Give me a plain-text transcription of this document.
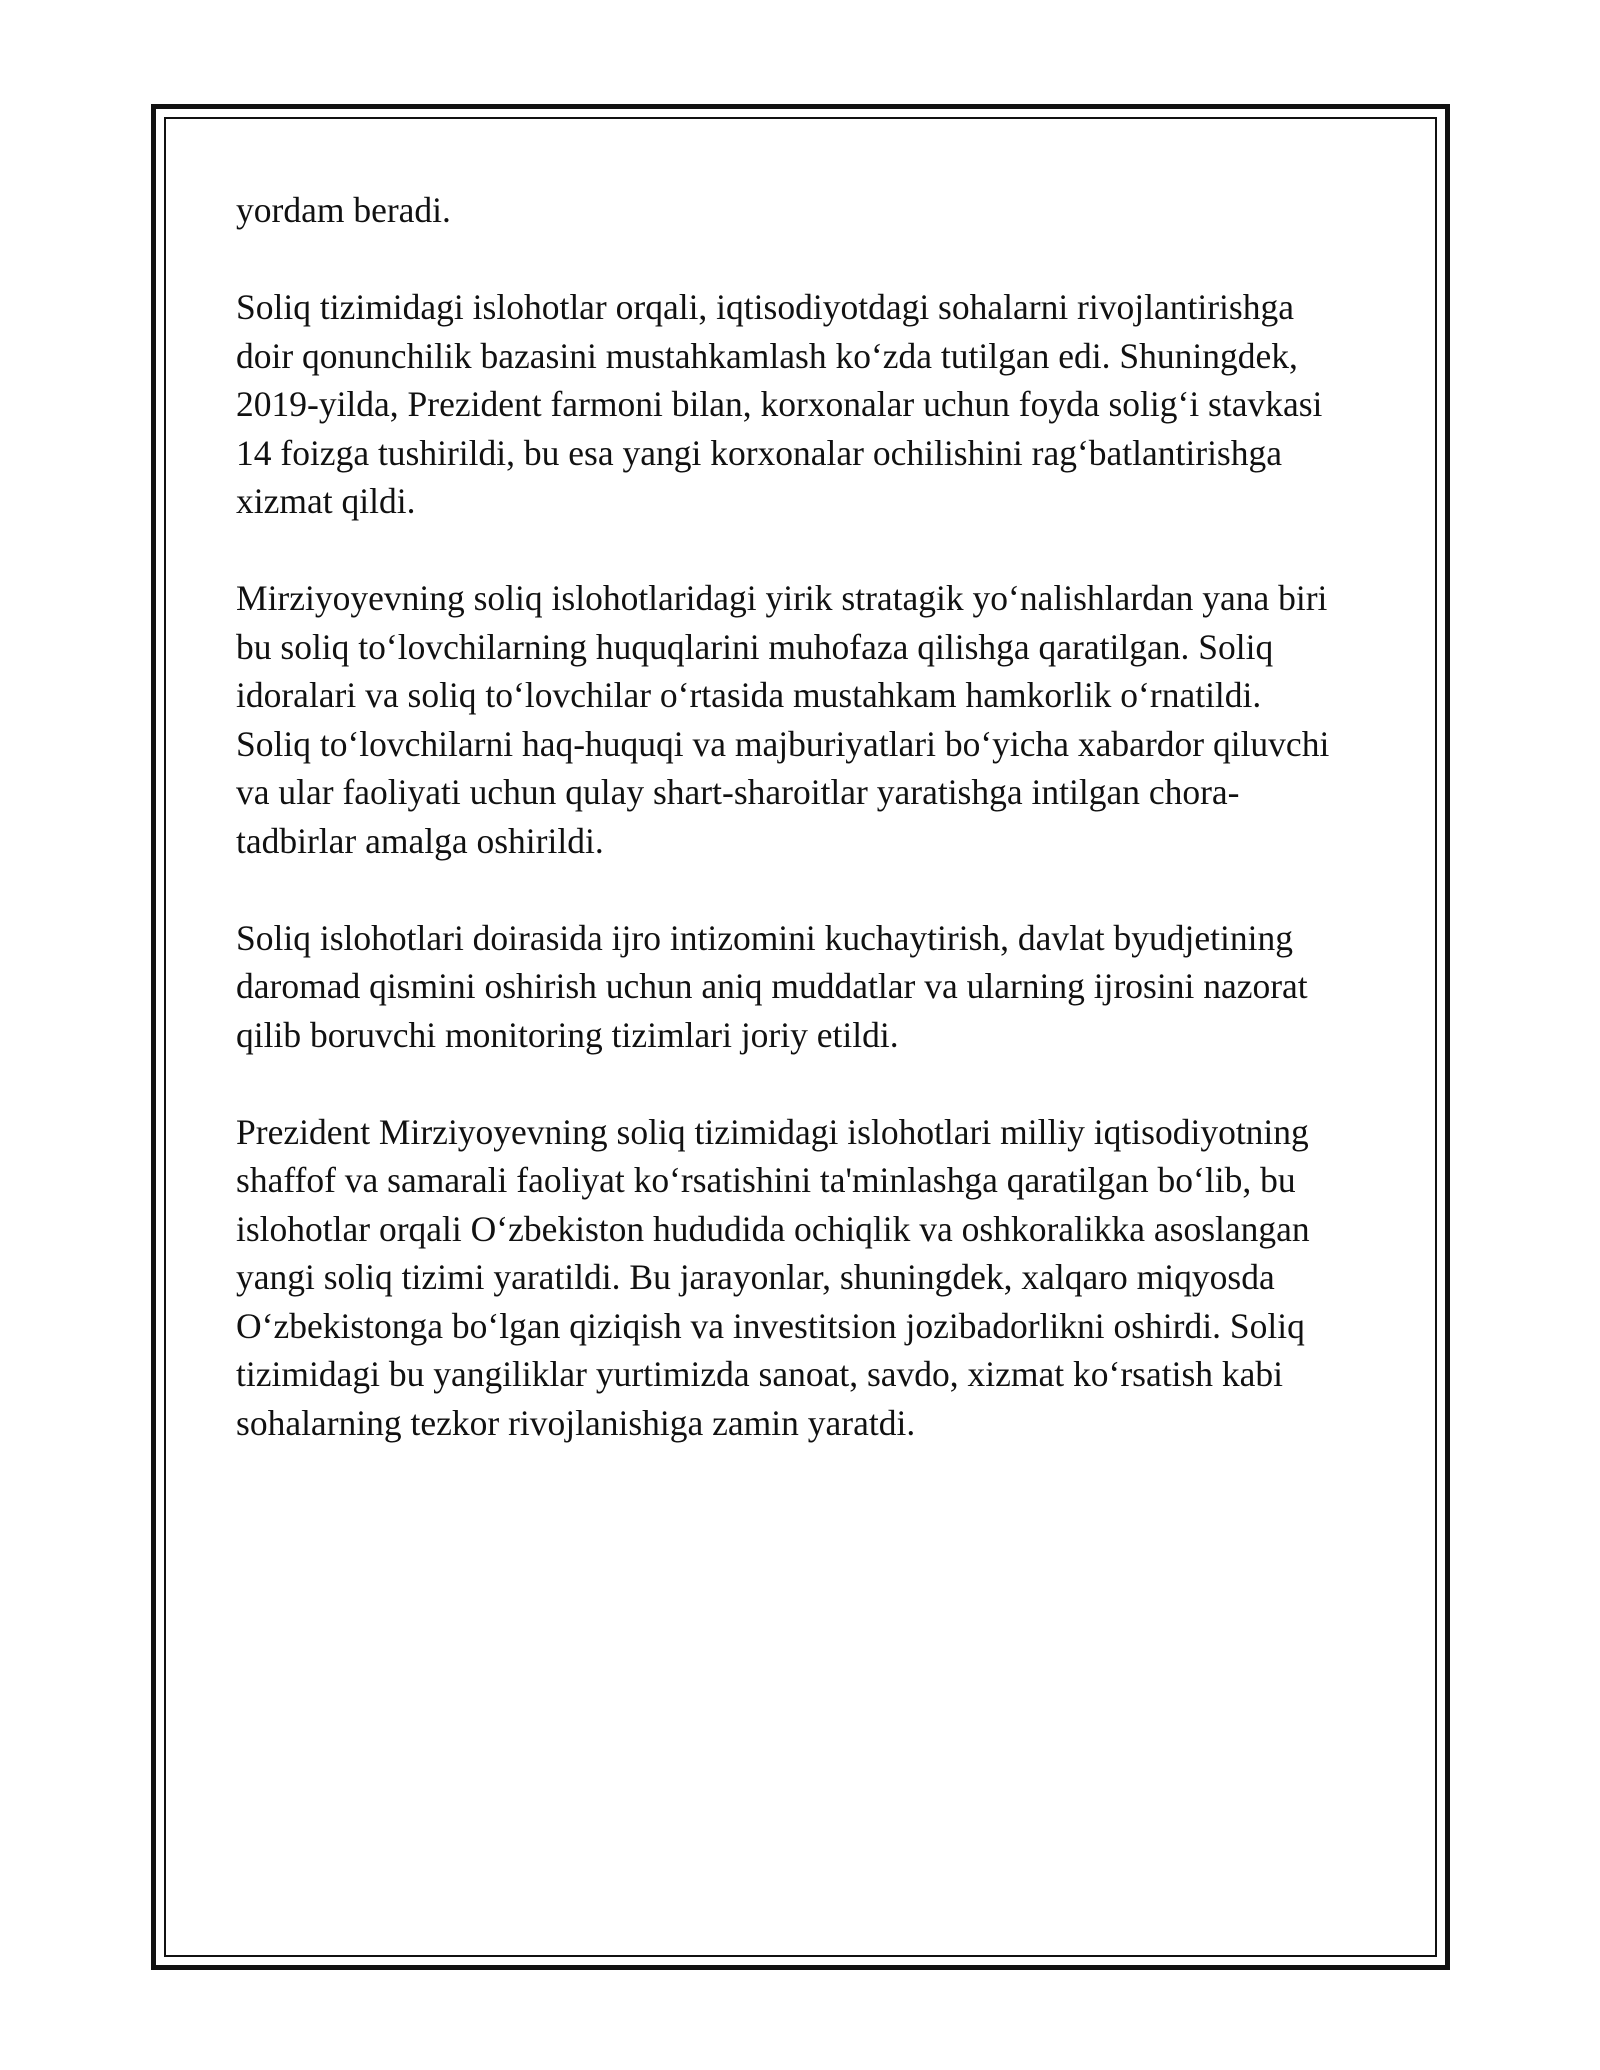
yordam beradi.

Soliq tizimidagi islohotlar orqali, iqtisodiyotdagi sohalarni rivojlantirishga
doir qonunchilik bazasini mustahkamlash ko‘zda tutilgan edi. Shuningdek,
2019-yilda, Prezident farmoni bilan, korxonalar uchun foyda solig‘i stavkasi
14 foizga tushirildi, bu esa yangi korxonalar ochilishini rag‘batlantirishga
xizmat qildi.

Mirziyoyevning soliq islohotlaridagi yirik stratagik yo‘nalishlardan yana biri
bu soliq to‘lovchilarning huquqlarini muhofaza qilishga qaratilgan. Soliq
idoralari va soliq to‘lovchilar o‘rtasida mustahkam hamkorlik o‘rnatildi.
Soliq to‘lovchilarni haq-huquqi va majburiyatlari bo‘yicha xabardor qiluvchi
va ular faoliyati uchun qulay shart-sharoitlar yaratishga intilgan chora-
tadbirlar amalga oshirildi.

Soliq islohotlari doirasida ijro intizomini kuchaytirish, davlat byudjetining
daromad qismini oshirish uchun aniq muddatlar va ularning ijrosini nazorat
qilib boruvchi monitoring tizimlari joriy etildi.

Prezident Mirziyoyevning soliq tizimidagi islohotlari milliy iqtisodiyotning
shaffof va samarali faoliyat ko‘rsatishini ta'minlashga qaratilgan bo‘lib, bu
islohotlar orqali O‘zbekiston hududida ochiqlik va oshkoralikka asoslangan
yangi soliq tizimi yaratildi. Bu jarayonlar, shuningdek, xalqaro miqyosda
O‘zbekistonga bo‘lgan qiziqish va investitsion jozibadorlikni oshirdi. Soliq
tizimidagi bu yangiliklar yurtimizda sanoat, savdo, xizmat ko‘rsatish kabi
sohalarning tezkor rivojlanishiga zamin yaratdi.
